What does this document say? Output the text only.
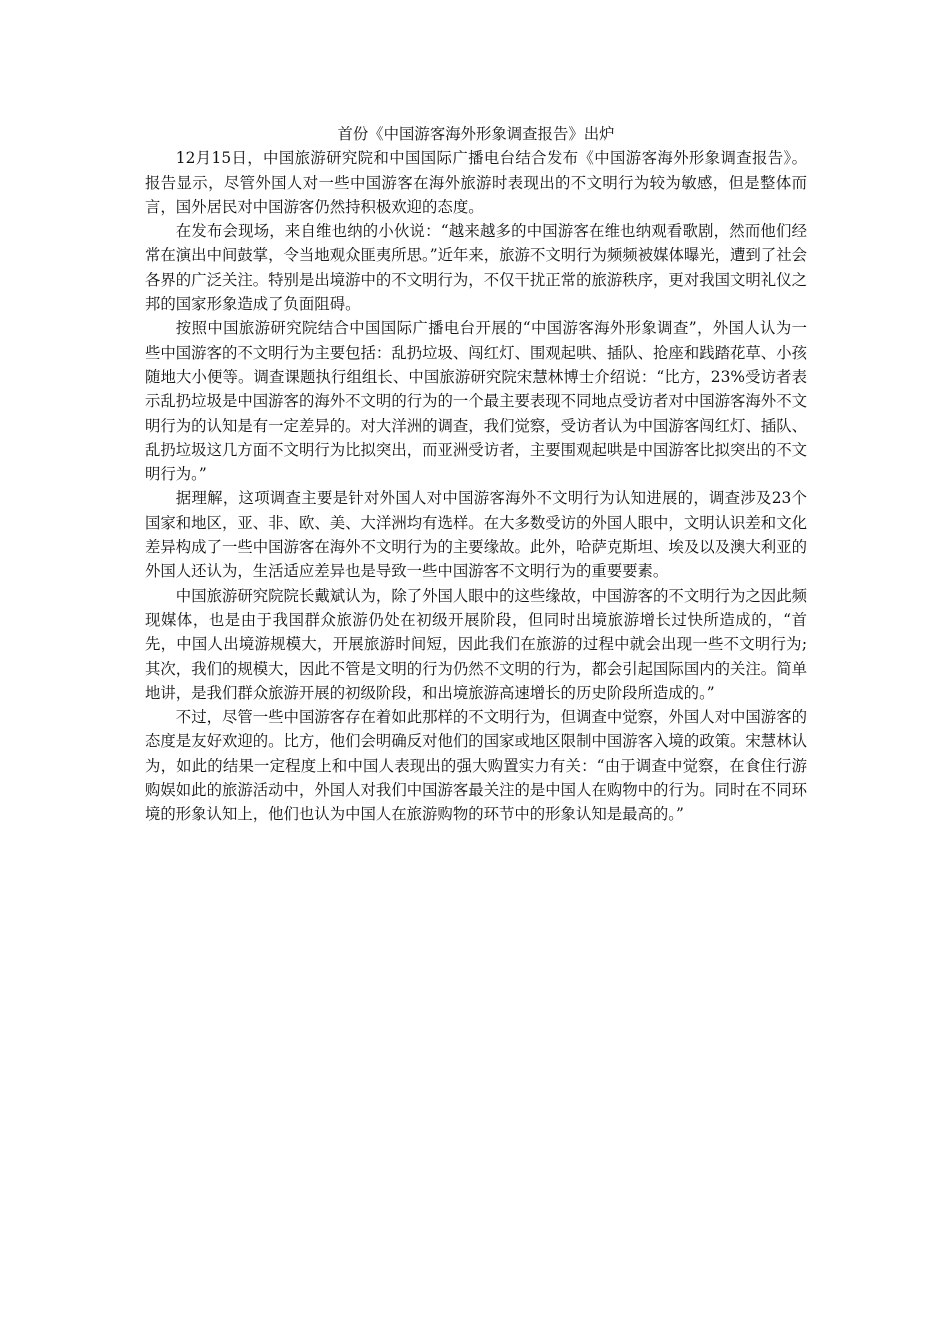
首份《中国游客海外形象调查报告》出炉

12月15日，中国旅游研究院和中国国际广播电台结合发布《中国游客海外形象调查报告》。报告显示，尽管外国人对一些中国游客在海外旅游时表现出的不文明行为较为敏感，但是整体而言，国外居民对中国游客仍然持积极欢迎的态度。

在发布会现场，来自维也纳的小伙说：“越来越多的中国游客在维也纳观看歌剧，然而他们经常在演出中间鼓掌，令当地观众匪夷所思。”近年来，旅游不文明行为频频被媒体曝光，遭到了社会各界的广泛关注。特别是出境游中的不文明行为，不仅干扰正常的旅游秩序，更对我国文明礼仪之邦的国家形象造成了负面阻碍。

按照中国旅游研究院结合中国国际广播电台开展的“中国游客海外形象调查”，外国人认为一些中国游客的不文明行为主要包括：乱扔垃圾、闯红灯、围观起哄、插队、抢座和践踏花草、小孩随地大小便等。调查课题执行组组长、中国旅游研究院宋慧林博士介绍说：“比方，23%受访者表示乱扔垃圾是中国游客的海外不文明的行为的一个最主要表现不同地点受访者对中国游客海外不文明行为的认知是有一定差异的。对大洋洲的调查，我们觉察，受访者认为中国游客闯红灯、插队、乱扔垃圾这几方面不文明行为比拟突出，而亚洲受访者，主要围观起哄是中国游客比拟突出的不文明行为。”

据理解，这项调查主要是针对外国人对中国游客海外不文明行为认知进展的，调查涉及23个国家和地区，亚、非、欧、美、大洋洲均有选样。在大多数受访的外国人眼中，文明认识差和文化差异构成了一些中国游客在海外不文明行为的主要缘故。此外，哈萨克斯坦、埃及以及澳大利亚的外国人还认为，生活适应差异也是导致一些中国游客不文明行为的重要要素。

中国旅游研究院院长戴斌认为，除了外国人眼中的这些缘故，中国游客的不文明行为之因此频现媒体，也是由于我国群众旅游仍处在初级开展阶段，但同时出境旅游增长过快所造成的，“首先，中国人出境游规模大，开展旅游时间短，因此我们在旅游的过程中就会出现一些不文明行为;其次，我们的规模大，因此不管是文明的行为仍然不文明的行为，都会引起国际国内的关注。简单地讲，是我们群众旅游开展的初级阶段，和出境旅游高速增长的历史阶段所造成的。”

不过，尽管一些中国游客存在着如此那样的不文明行为，但调查中觉察，外国人对中国游客的态度是友好欢迎的。比方，他们会明确反对他们的国家或地区限制中国游客入境的政策。宋慧林认为，如此的结果一定程度上和中国人表现出的强大购置实力有关：“由于调查中觉察，在食住行游购娱如此的旅游活动中，外国人对我们中国游客最关注的是中国人在购物中的行为。同时在不同环境的形象认知上，他们也认为中国人在旅游购物的环节中的形象认知是最高的。”
